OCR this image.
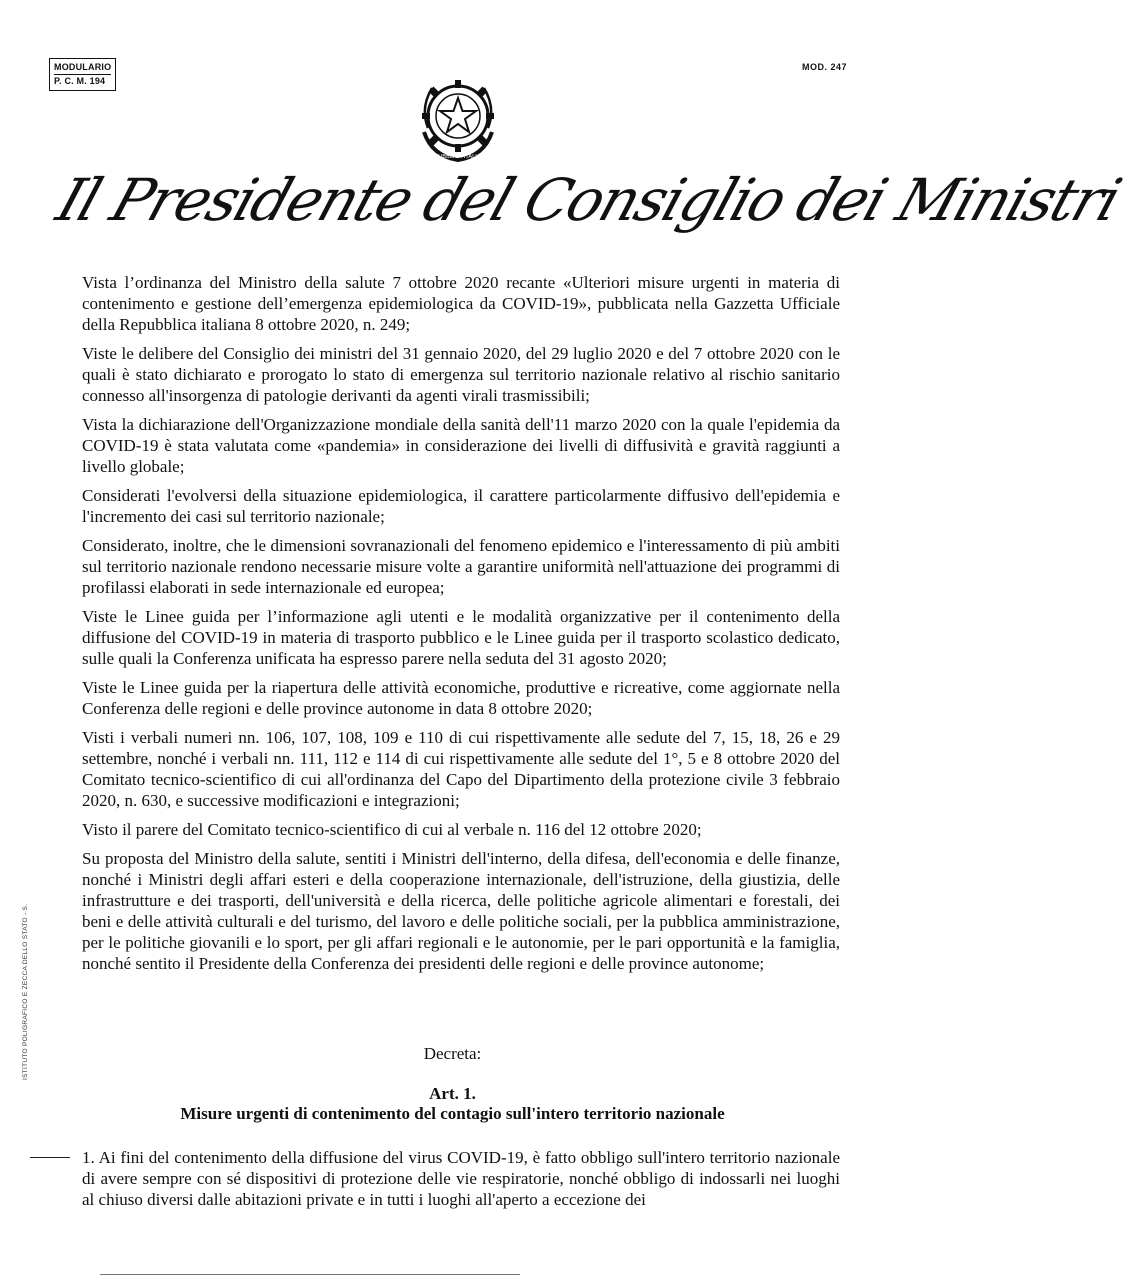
MODULARIO
P. C. M. 194
MOD. 247
REPUBBLICA ITALIANA
Il Presidente del Consiglio dei Ministri

Vista l’ordinanza del Ministro della salute 7 ottobre 2020 recante «Ulteriori misure urgenti in materia di contenimento e gestione dell’emergenza epidemiologica da COVID-19», pubblicata nella Gazzetta Ufficiale della Repubblica italiana 8 ottobre 2020, n. 249;

Viste le delibere del Consiglio dei ministri del 31 gennaio 2020, del 29 luglio 2020 e del 7 ottobre 2020 con le quali è stato dichiarato e prorogato lo stato di emergenza sul territorio nazionale relativo al rischio sanitario connesso all'insorgenza di patologie derivanti da agenti virali trasmissibili;

Vista la dichiarazione dell'Organizzazione mondiale della sanità dell'11 marzo 2020 con la quale l'epidemia da COVID-19 è stata valutata come «pandemia» in considerazione dei livelli di diffusività e gravità raggiunti a livello globale;

Considerati l'evolversi della situazione epidemiologica, il carattere particolarmente diffusivo dell'epidemia e l'incremento dei casi sul territorio nazionale;

Considerato, inoltre, che le dimensioni sovranazionali del fenomeno epidemico e l'interessamento di più ambiti sul territorio nazionale rendono necessarie misure volte a garantire uniformità nell'attuazione dei programmi di profilassi elaborati in sede internazionale ed europea;

Viste le Linee guida per l’informazione agli utenti e le modalità organizzative per il contenimento della diffusione del COVID-19 in materia di trasporto pubblico e le Linee guida per il trasporto scolastico dedicato, sulle quali la Conferenza unificata ha espresso parere nella seduta del 31 agosto 2020;

Viste le Linee guida per la riapertura delle attività economiche, produttive e ricreative, come aggiornate nella Conferenza delle regioni e delle province autonome in data 8 ottobre 2020;

Visti i verbali numeri nn. 106, 107, 108, 109 e 110 di cui rispettivamente alle sedute del 7, 15, 18, 26 e 29 settembre, nonché i verbali nn. 111, 112 e 114 di cui rispettivamente alle sedute del 1°, 5 e 8 ottobre 2020 del Comitato tecnico-scientifico di cui all'ordinanza del Capo del Dipartimento della protezione civile 3 febbraio 2020, n. 630, e successive modificazioni e integrazioni;

Visto il parere del Comitato tecnico-scientifico di cui al verbale n. 116 del 12 ottobre 2020;

Su proposta del Ministro della salute, sentiti i Ministri dell'interno, della difesa, dell'economia e delle finanze, nonché i Ministri degli affari esteri e della cooperazione internazionale, dell'istruzione, della giustizia, delle infrastrutture e dei trasporti, dell'università e della ricerca, delle politiche agricole alimentari e forestali, dei beni e delle attività culturali e del turismo, del lavoro e delle politiche sociali, per la pubblica amministrazione, per le politiche giovanili e lo sport, per gli affari regionali e le autonomie, per le pari opportunità e la famiglia, nonché sentito il Presidente della Conferenza dei presidenti delle regioni e delle province autonome;

Decreta:
Art. 1.
Misure urgenti di contenimento del contagio sull'intero territorio nazionale

1. Ai fini del contenimento della diffusione del virus COVID-19, è fatto obbligo sull'intero territorio nazionale di avere sempre con sé dispositivi di protezione delle vie respiratorie, nonché obbligo di indossarli nei luoghi al chiuso diversi dalle abitazioni private e in tutti i luoghi all'aperto a eccezione dei

ISTITUTO POLIGRAFICO E ZECCA DELLO STATO - S.
